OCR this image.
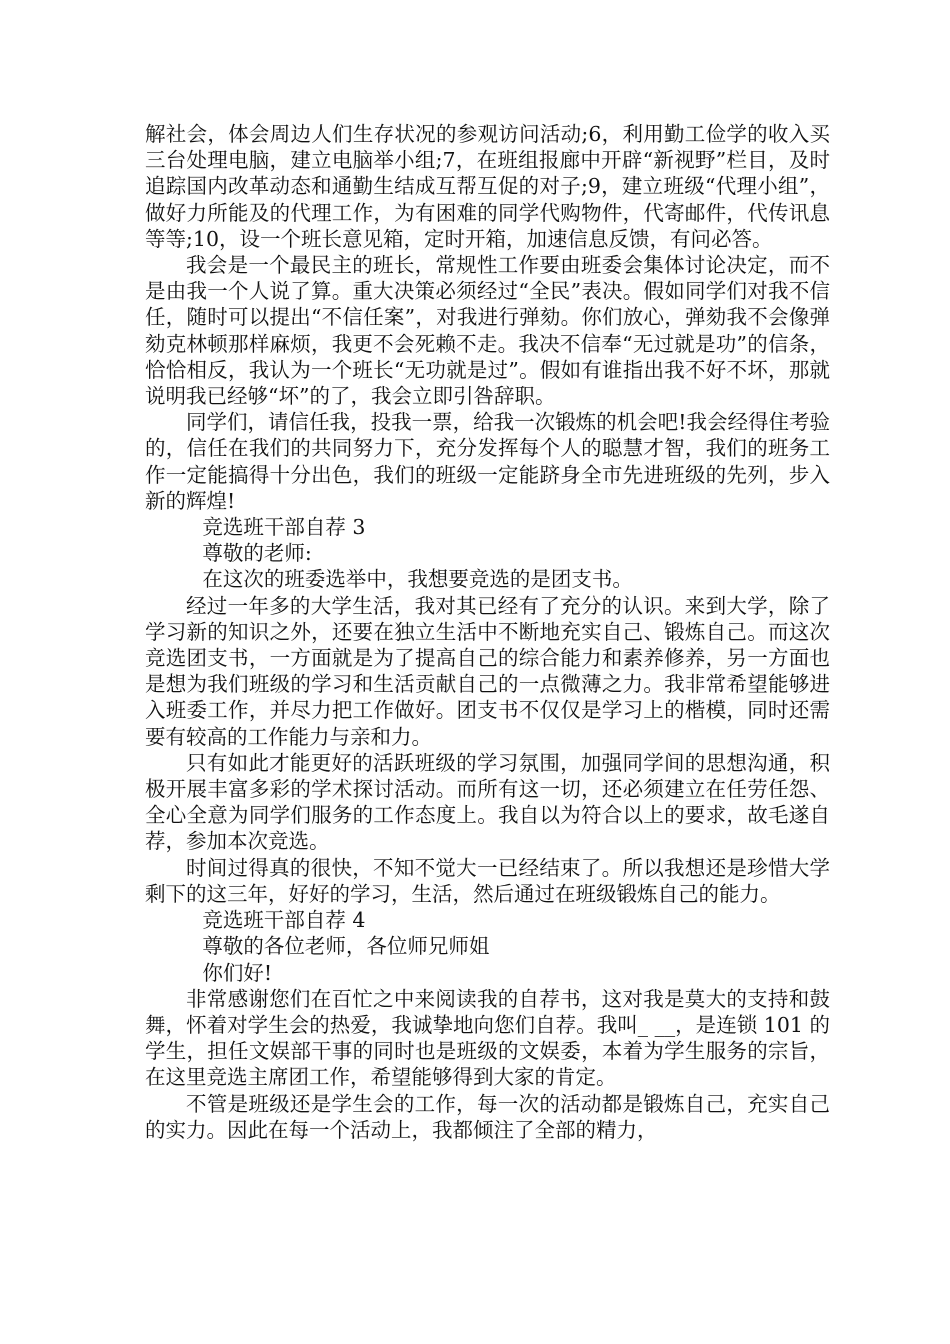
解社会，体会周边人们生存状况的参观访问活动;6，利用勤工俭学的收入买三台处理电脑，建立电脑举小组;7，在班组报廊中开辟“新视野”栏目，及时追踪国内改革动态和通勤生结成互帮互促的对子;9，建立班级“代理小组”，做好力所能及的代理工作，为有困难的同学代购物件，代寄邮件，代传讯息等等;10，设一个班长意见箱，定时开箱，加速信息反馈，有问必答。

我会是一个最民主的班长，常规性工作要由班委会集体讨论决定，而不是由我一个人说了算。重大决策必须经过“全民”表决。假如同学们对我不信任，随时可以提出“不信任案”，对我进行弹劾。你们放心，弹劾我不会像弹劾克林顿那样麻烦，我更不会死赖不走。我决不信奉“无过就是功”的信条，恰恰相反，我认为一个班长“无功就是过”。假如有谁指出我不好不坏，那就说明我已经够“坏”的了，我会立即引咎辞职。

同学们，请信任我，投我一票，给我一次锻炼的机会吧!我会经得住考验的，信任在我们的共同努力下，充分发挥每个人的聪慧才智，我们的班务工作一定能搞得十分出色，我们的班级一定能跻身全市先进班级的先列，步入新的辉煌!

竞选班干部自荐 3

尊敬的老师:

在这次的班委选举中，我想要竞选的是团支书。

经过一年多的大学生活，我对其已经有了充分的认识。来到大学，除了学习新的知识之外，还要在独立生活中不断地充实自己、锻炼自己。而这次竞选团支书，一方面就是为了提高自己的综合能力和素养修养，另一方面也是想为我们班级的学习和生活贡献自己的一点微薄之力。我非常希望能够进入班委工作，并尽力把工作做好。团支书不仅仅是学习上的楷模，同时还需要有较高的工作能力与亲和力。

只有如此才能更好的活跃班级的学习氛围，加强同学间的思想沟通，积极开展丰富多彩的学术探讨活动。而所有这一切，还必须建立在任劳任怨、全心全意为同学们服务的工作态度上。我自以为符合以上的要求，故毛遂自荐，参加本次竞选。

时间过得真的很快，不知不觉大一已经结束了。所以我想还是珍惜大学剩下的这三年，好好的学习，生活，然后通过在班级锻炼自己的能力。

竞选班干部自荐 4

尊敬的各位老师，各位师兄师姐

你们好!

非常感谢您们在百忙之中来阅读我的自荐书，这对我是莫大的支持和鼓舞，怀着对学生会的热爱，我诚挚地向您们自荐。我叫_ __，是连锁 101 的学生，担任文娱部干事的同时也是班级的文娱委，本着为学生服务的宗旨，在这里竞选主席团工作，希望能够得到大家的肯定。

不管是班级还是学生会的工作，每一次的活动都是锻炼自己，充实自己的实力。因此在每一个活动上，我都倾注了全部的精力，
